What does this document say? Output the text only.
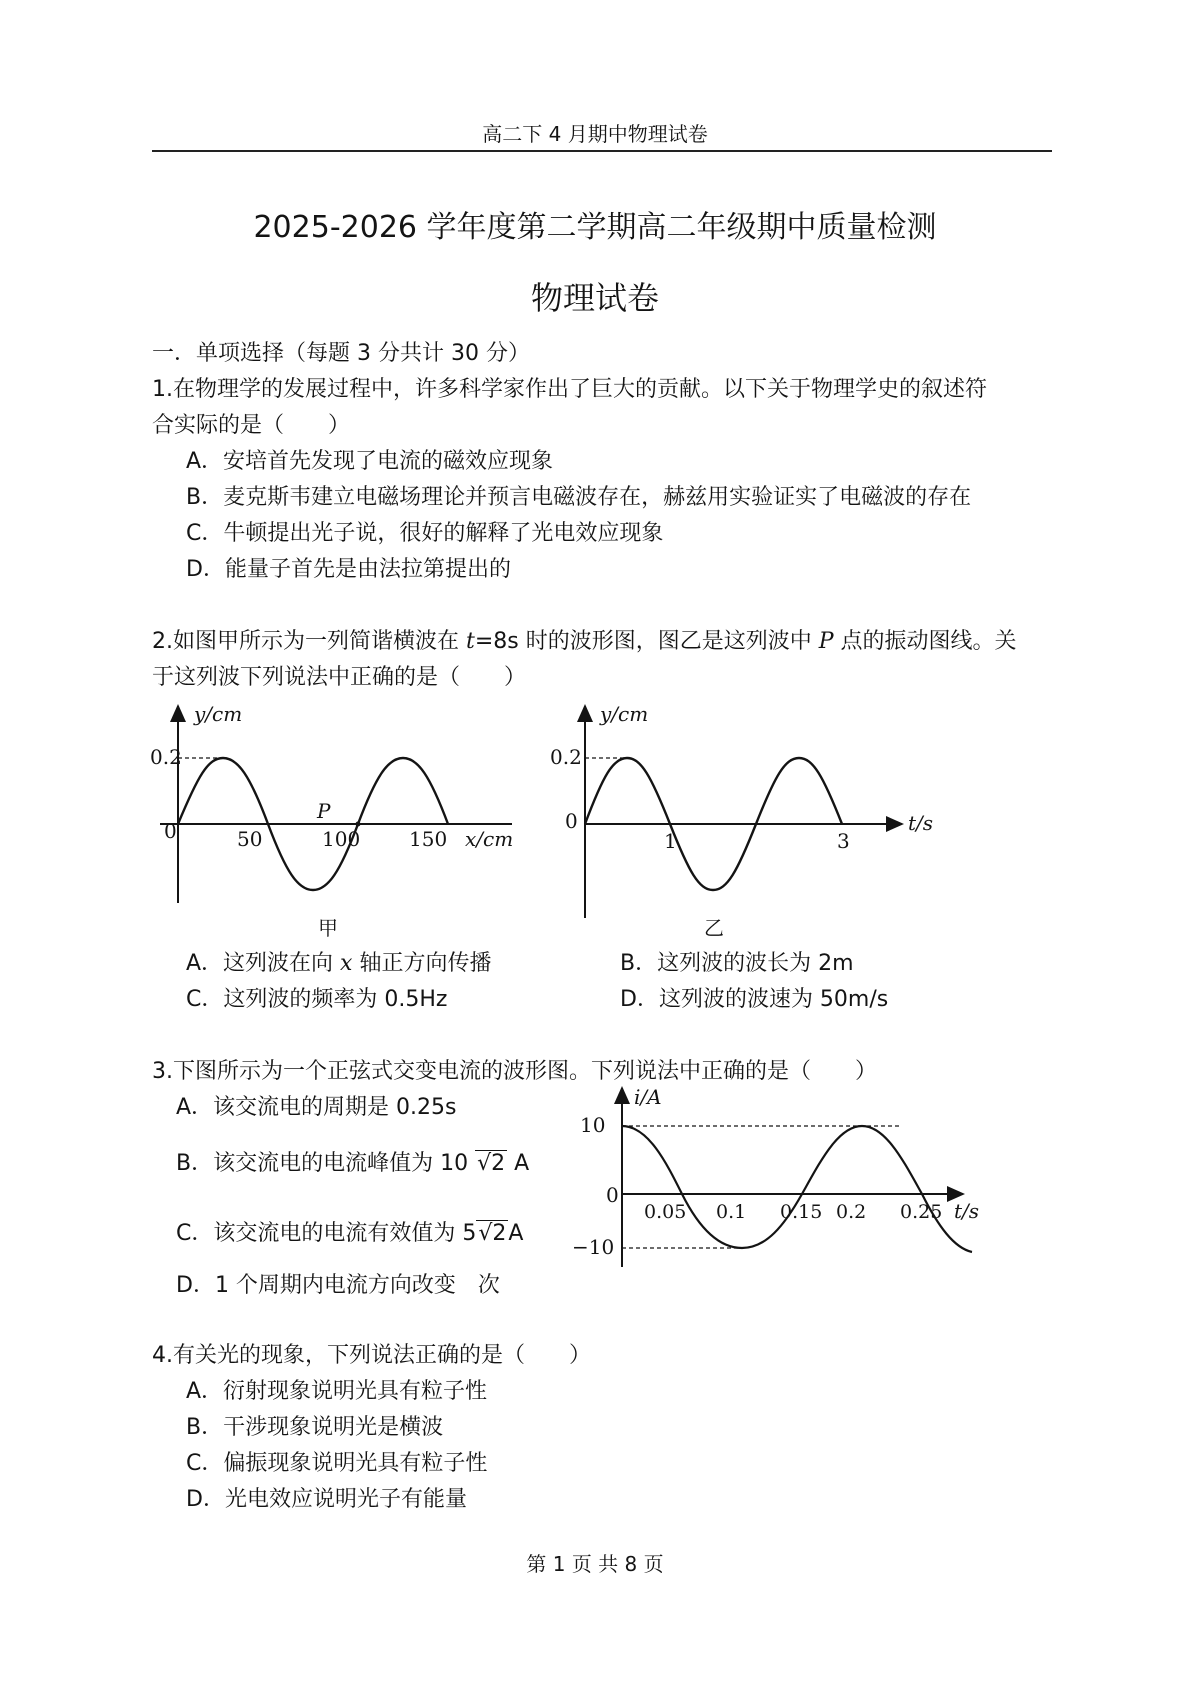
高二下 4 月期中物理试卷
2025-2026 学年度第二学期高二年级期中质量检测
物理试卷
一．单项选择（每题 3 分共计 30 分）
1.在物理学的发展过程中，许多科学家作出了巨大的贡献。以下关于物理学史的叙述符
合实际的是（　　）
A．安培首先发现了电流的磁效应现象
B．麦克斯韦建立电磁场理论并预言电磁波存在，赫兹用实验证实了电磁波的存在
C．牛顿提出光子说，很好的解释了光电效应现象
D．能量子首先是由法拉第提出的
2.如图甲所示为一列简谐横波在 t=8s 时的波形图，图乙是这列波中 P 点的振动图线。关
于这列波下列说法中正确的是（　　）
y/cm
0.2
0	50	100 150 x/cm
P
甲
y/cm
0.2
0
1	3
t/s
乙
A．这列波在向 x 轴正方向传播	B．这列波的波长为 2m
C．这列波的频率为 0.5Hz	D．这列波的波速为 50m/s
3.下图所示为一个正弦式交变电流的波形图。下列说法中正确的是（　　）
A．该交流电的周期是 0.25s
B．该交流电的电流峰值为 10 √2 A
C．该交流电的电流有效值为 5√2A
D．1 个周期内电流方向改变　次
i/A
10
−10
0
0.05 0.1 0.15 0.2 0.25 t/s
4.有关光的现象，下列说法正确的是（　　）
A．衍射现象说明光具有粒子性
B．干涉现象说明光是横波
C．偏振现象说明光具有粒子性
D．光电效应说明光子有能量
第 1 页 共 8 页
